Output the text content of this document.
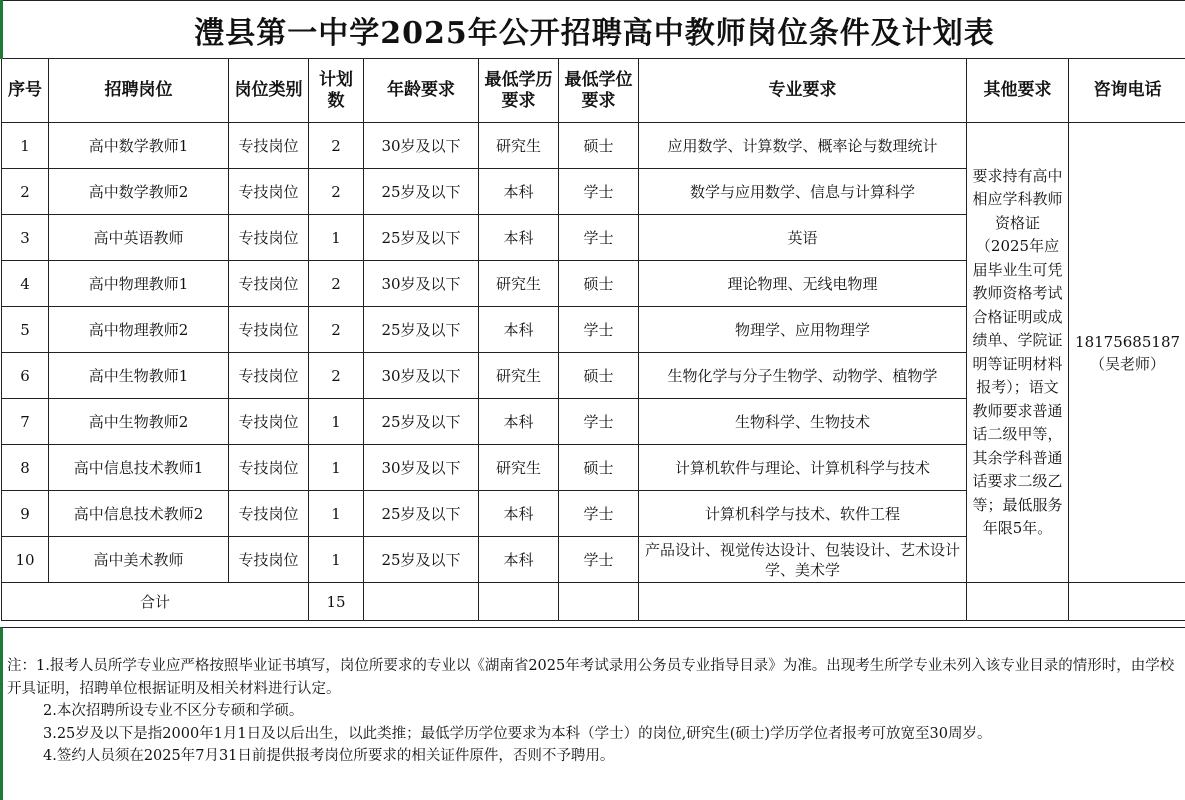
澧县第一中学2025年公开招聘高中教师岗位条件及计划表									
序号	招聘岗位	岗位类别	计划数	年龄要求	最低学历要求	最低学位要求	专业要求	其他要求	咨询电话
1	高中数学教师1	专技岗位	2	30岁及以下	研究生	硕士	应用数学、计算数学、概率论与数理统计	要求持有高中相应学科教师资格证（2025年应届毕业生可凭教师资格考试合格证明或成绩单、学院证明等证明材料报考）；语文教师要求普通话二级甲等，其余学科普通话要求二级乙等；最低服务年限5年。	18175685187
（吴老师）

2	高中数学教师2	专技岗位	2	25岁及以下	本科	学士	数学与应用数学、信息与计算科学		
3	高中英语教师	专技岗位	1	25岁及以下	本科	学士	英语		
4	高中物理教师1	专技岗位	2	30岁及以下	研究生	硕士	理论物理、无线电物理		
5	高中物理教师2	专技岗位	2	25岁及以下	本科	学士	物理学、应用物理学		
6	高中生物教师1	专技岗位	2	30岁及以下	研究生	硕士	生物化学与分子生物学、动物学、植物学		
7	高中生物教师2	专技岗位	1	25岁及以下	本科	学士	生物科学、生物技术		
8	高中信息技术教师1	专技岗位	1	30岁及以下	研究生	硕士	计算机软件与理论、计算机科学与技术		
9	高中信息技术教师2	专技岗位	1	25岁及以下	本科	学士	计算机科学与技术、软件工程		
10	高中美术教师	专技岗位	1	25岁及以下	本科	学士	产品设计、视觉传达设计、包装设计、艺术设计学、美术学		
合计			15						

注：1.报考人员所学专业应严格按照毕业证书填写，岗位所要求的专业以《湖南省2025年考试录用公务员专业指导目录》为准。出现考生所学专业未列入该专业目录的情形时，由学校开具证明，招聘单位根据证明及相关材料进行认定。

2.本次招聘所设专业不区分专硕和学硕。

3.25岁及以下是指2000年1月1日及以后出生，以此类推；最低学历学位要求为本科（学士）的岗位,研究生(硕士)学历学位者报考可放宽至30周岁。

4.签约人员须在2025年7月31日前提供报考岗位所要求的相关证件原件，否则不予聘用。
